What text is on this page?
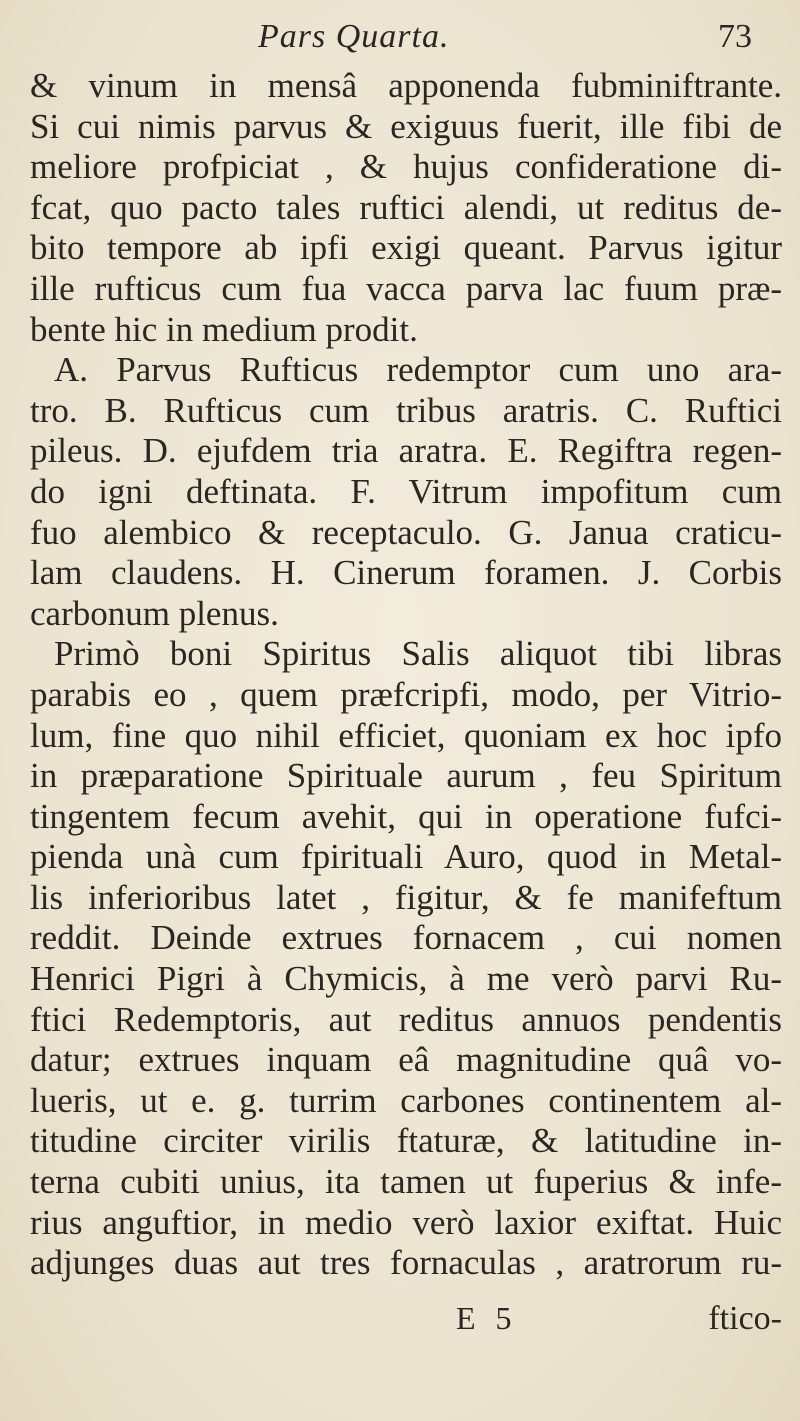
Pars Quarta.	73
& vinum in mensâ apponenda fubminiftrante.
Si cui nimis parvus & exiguus fuerit, ille fibi de
meliore profpiciat , & hujus confideratione di-
fcat, quo pacto tales ruftici alendi, ut reditus de-
bito tempore ab ipfi exigi queant. Parvus igitur
ille rufticus cum fua vacca parva lac fuum præ-
bente hic in medium prodit.
A. Parvus Rufticus redemptor cum uno ara-
tro. B. Rufticus cum tribus aratris. C. Ruftici
pileus. D. ejufdem tria aratra. E. Regiftra regen-
do igni deftinata. F. Vitrum impofitum cum
fuo alembico & receptaculo. G. Janua craticu-
lam claudens. H. Cinerum foramen. J. Corbis
carbonum plenus.
Primò boni Spiritus Salis aliquot tibi libras
parabis eo , quem præfcripfi, modo, per Vitrio-
lum, fine quo nihil efficiet, quoniam ex hoc ipfo
in præparatione Spirituale aurum , feu Spiritum
tingentem fecum avehit, qui in operatione fufci-
pienda unà cum fpirituali Auro, quod in Metal-
lis inferioribus latet , figitur, & fe manifeftum
reddit. Deinde extrues fornacem , cui nomen
Henrici Pigri à Chymicis, à me verò parvi Ru-
ftici Redemptoris, aut reditus annuos pendentis
datur; extrues inquam eâ magnitudine quâ vo-
lueris, ut e. g. turrim carbones continentem al-
titudine circiter virilis ftaturæ, & latitudine in-
terna cubiti unius, ita tamen ut fuperius & infe-
rius anguftior, in medio verò laxior exiftat. Huic
adjunges duas aut tres fornaculas , aratrorum ru-
E 5	ftico-
